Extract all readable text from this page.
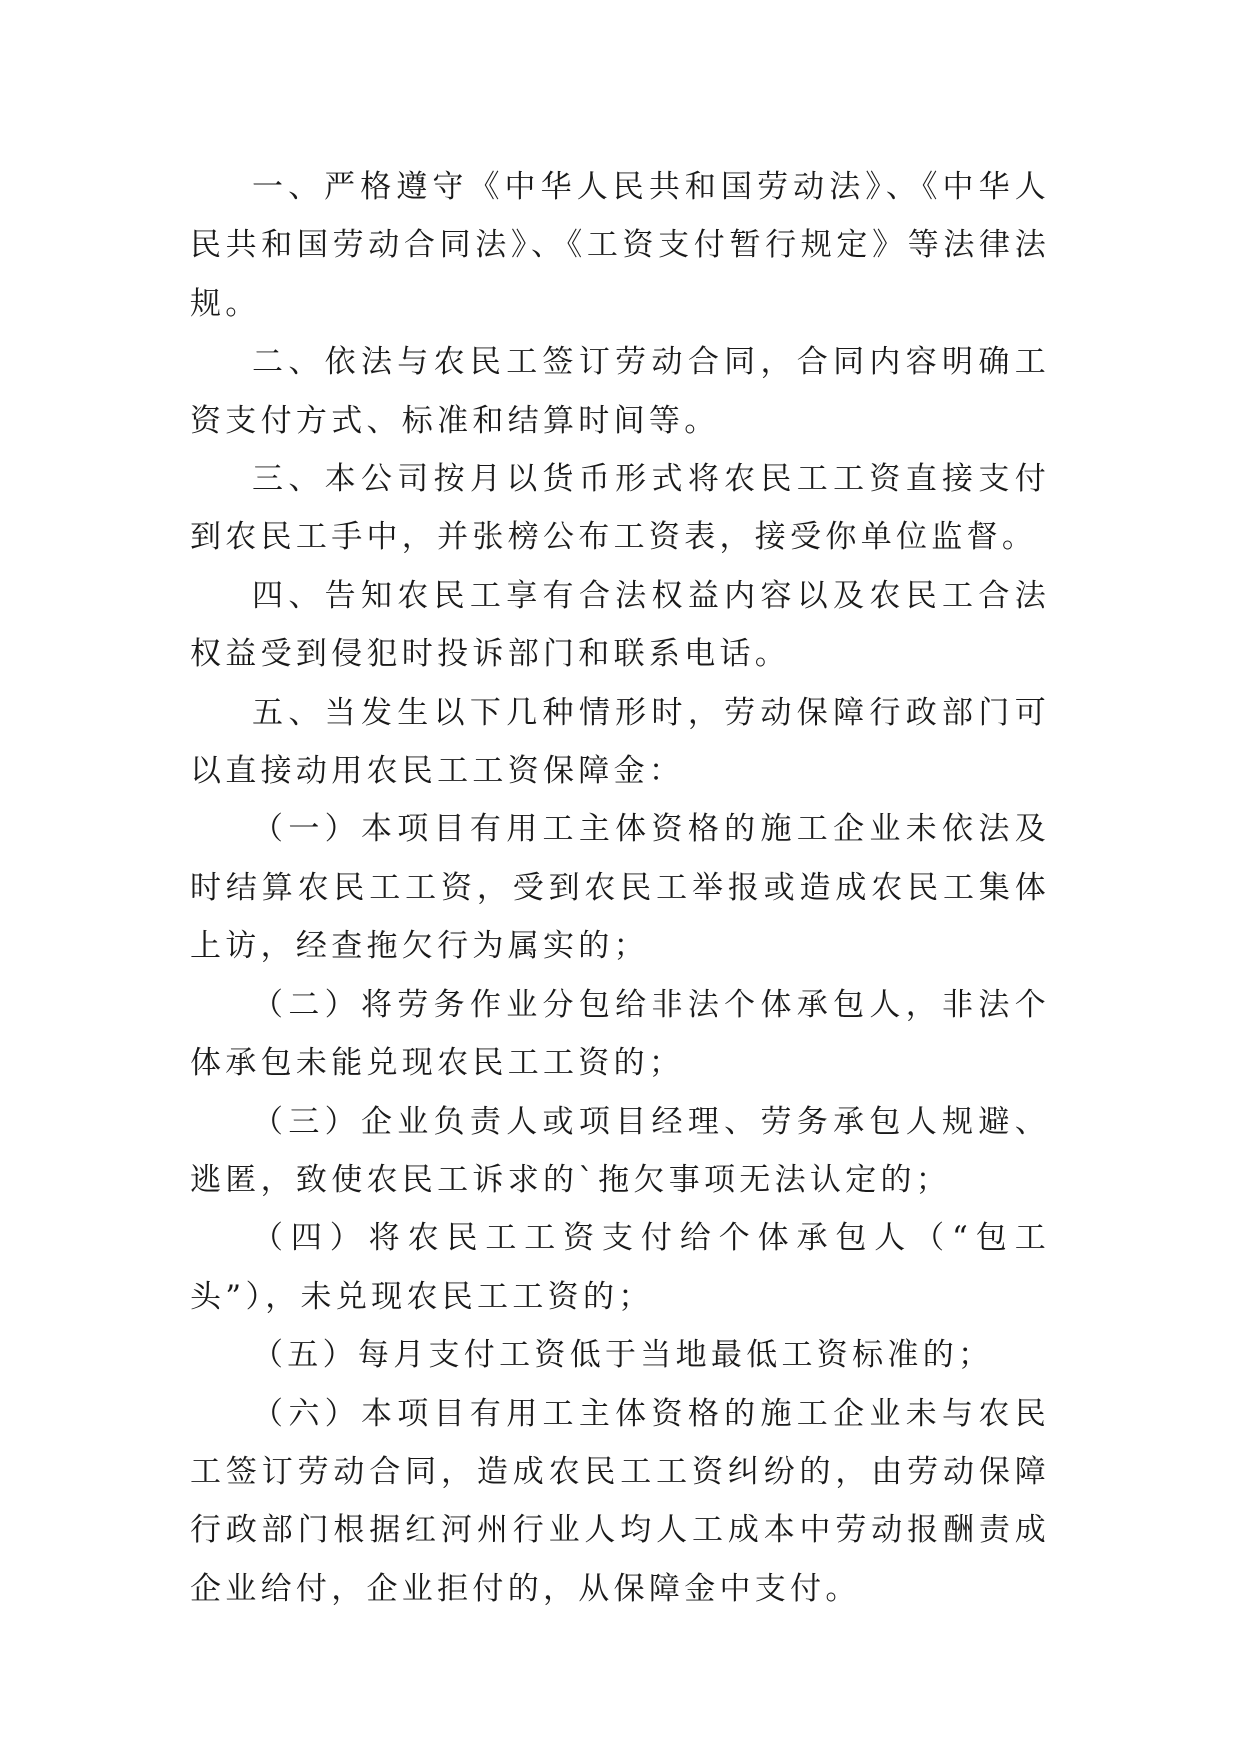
一、严格遵守《中华人民共和国劳动法》、《中华人民共和国劳动合同法》、《工资支付暂行规定》等法律法规。

二、依法与农民工签订劳动合同，合同内容明确工资支付方式、标准和结算时间等。

三、本公司按月以货币形式将农民工工资直接支付到农民工手中，并张榜公布工资表，接受你单位监督。

四、告知农民工享有合法权益内容以及农民工合法权益受到侵犯时投诉部门和联系电话。

五、当发生以下几种情形时，劳动保障行政部门可以直接动用农民工工资保障金：

（一）本项目有用工主体资格的施工企业未依法及时结算农民工工资，受到农民工举报或造成农民工集体上访，经查拖欠行为属实的；

（二）将劳务作业分包给非法个体承包人，非法个体承包未能兑现农民工工资的；

（三）企业负责人或项目经理、劳务承包人规避、逃匿，致使农民工诉求的`拖欠事项无法认定的；

（四）将农民工工资支付给个体承包人（“包工头”），未兑现农民工工资的；

（五）每月支付工资低于当地最低工资标准的；

（六）本项目有用工主体资格的施工企业未与农民工签订劳动合同，造成农民工工资纠纷的，由劳动保障行政部门根据红河州行业人均人工成本中劳动报酬责成企业给付，企业拒付的，从保障金中支付。
